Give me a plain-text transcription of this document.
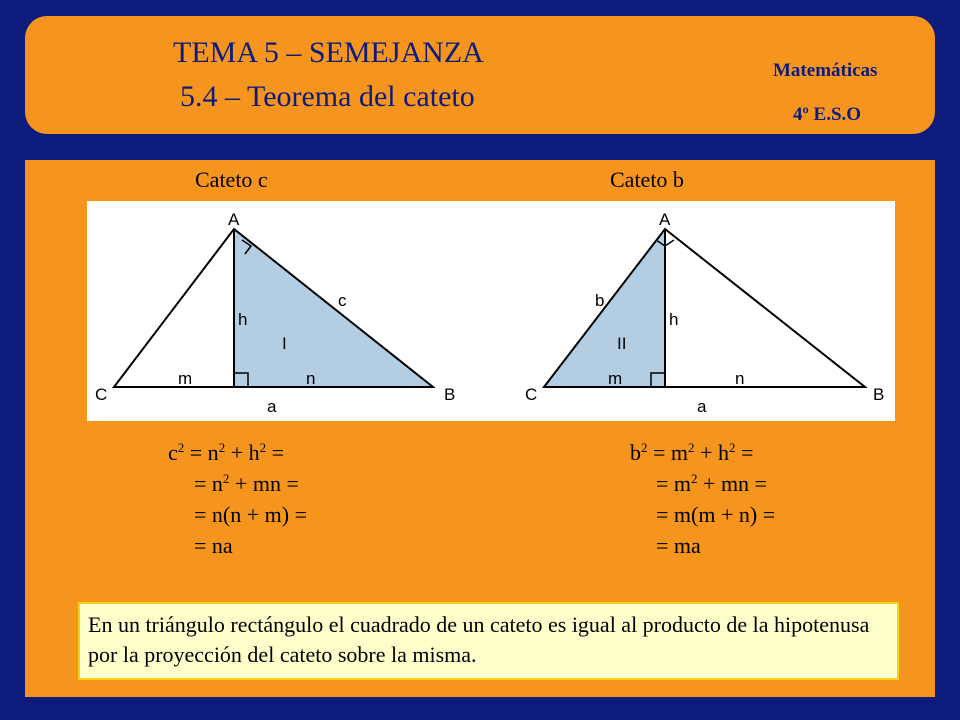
TEMA 5 – SEMEJANZA
5.4 – Teorema del cateto
Matemáticas
4º E.S.O
Cateto c	Cateto b
A
B
C
c
h
I
m	n
a
A
B
C
b
h
II
m	n
a
$c^2 = n^2 + h^2$ =
= $n^2$ + mn =
= n(n + m) =
= na
$b^2 = m^2 + h^2$ =
= $m^2$ + mn =
= m(m + n) =
= ma
En un triángulo rectángulo el cuadrado de un cateto es igual al producto de la hipotenusa por la proyección del cateto sobre la misma.
